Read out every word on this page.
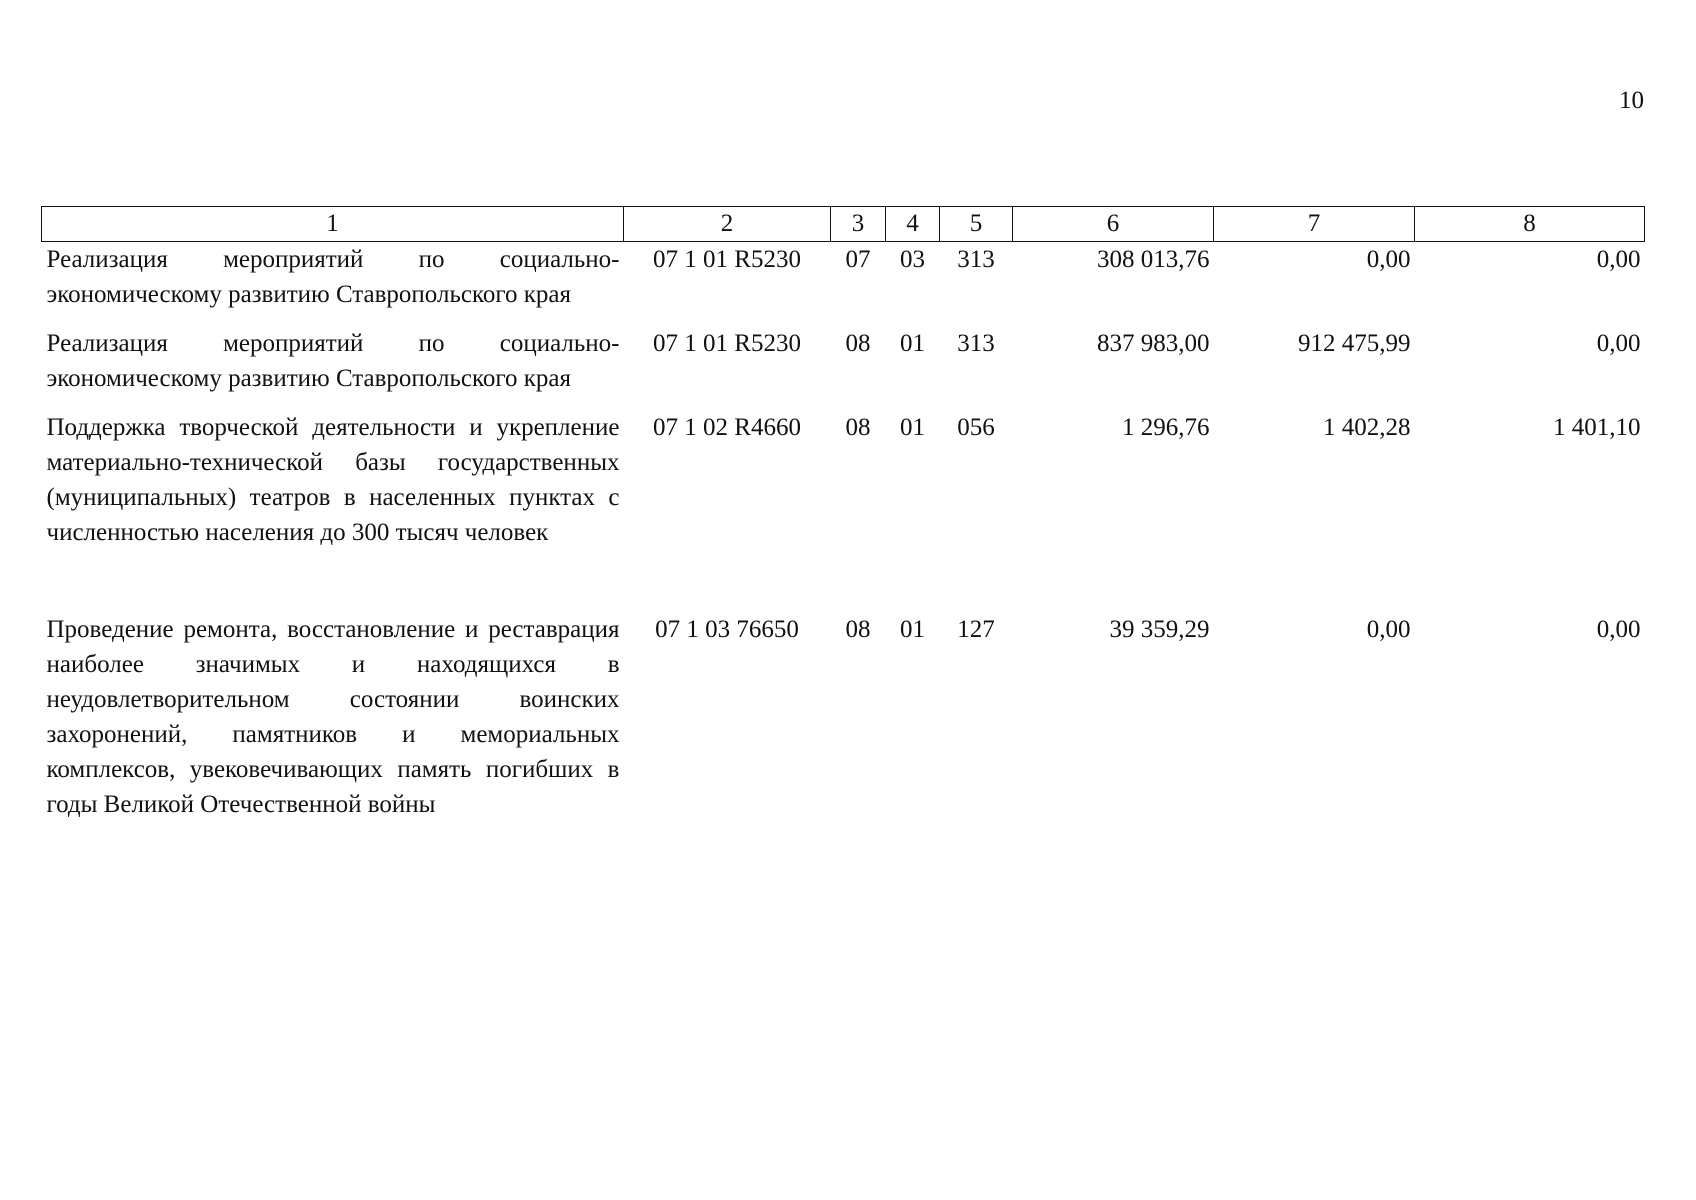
10
1	2	3	4	5	6	7	8
Реализация мероприятий по социально-экономическому развитию Ставропольского края	07 1 01 R5230	07	03	313	308 013,76	0,00	0,00
Реализация мероприятий по социально-экономическому развитию Ставропольского края	07 1 01 R5230	08	01	313	837 983,00	912 475,99	0,00
Поддержка творческой деятельности и укрепление материально-технической базы государственных (муниципальных) театров в населенных пунктах с численностью населения до 300 тысяч человек	07 1 02 R4660	08	01	056	1 296,76	1 402,28	1 401,10
Проведение ремонта, восстановление и реставрация наиболее значимых и находящихся в неудовлетворительном состоянии воинских захоронений, памятников и мемориальных комплексов, увековечивающих память погибших в годы Великой Отечественной войны	07 1 03 76650	08	01	127	39 359,29	0,00	0,00
